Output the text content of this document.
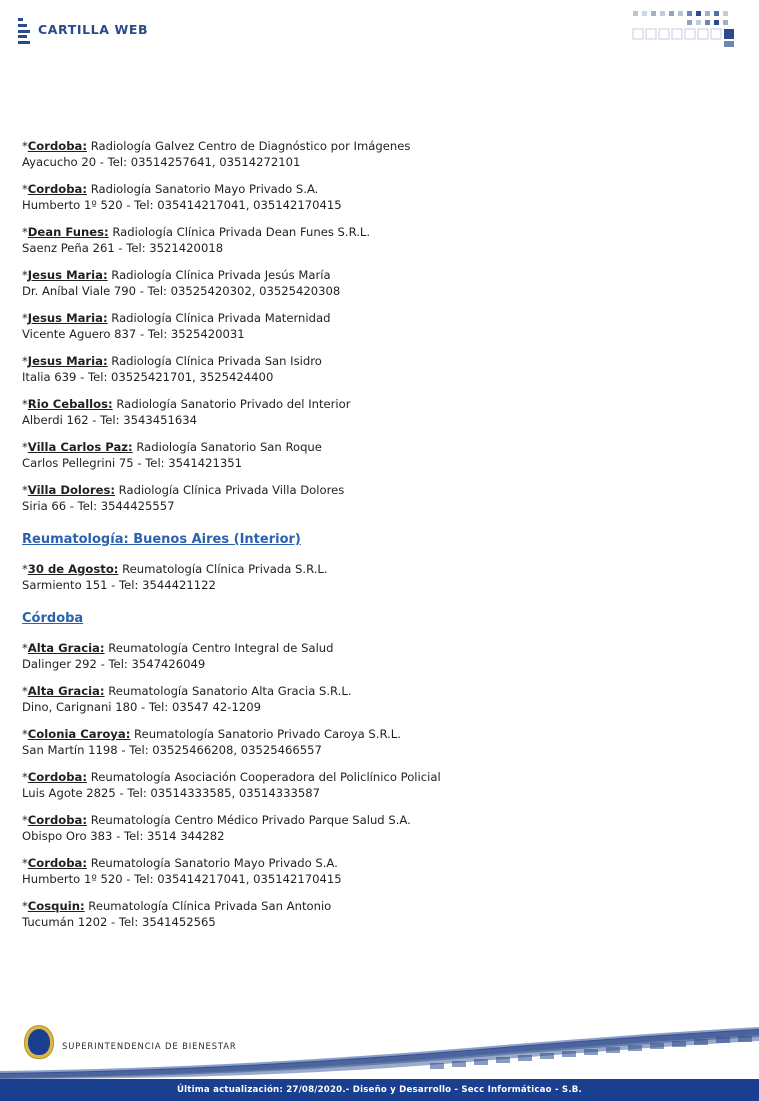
CARTILLA WEB
*Cordoba: Radiología Galvez Centro de Diagnóstico por Imágenes
Ayacucho 20 - Tel: 03514257641, 03514272101
*Cordoba: Radiología Sanatorio Mayo Privado S.A.
Humberto 1º 520 - Tel: 035414217041, 035142170415
*Dean Funes: Radiología Clínica Privada Dean Funes S.R.L.
Saenz Peña 261 - Tel: 3521420018
*Jesus Maria: Radiología Clínica Privada Jesús María
Dr. Aníbal Viale 790 - Tel: 03525420302, 03525420308
*Jesus Maria: Radiología Clínica Privada Maternidad
Vicente Aguero 837 - Tel: 3525420031
*Jesus Maria: Radiología Clínica Privada San Isidro
Italia 639 - Tel: 03525421701, 3525424400
*Rio Ceballos: Radiología Sanatorio Privado del Interior
Alberdi 162 - Tel: 3543451634
*Villa Carlos Paz: Radiología Sanatorio San Roque
Carlos Pellegrini 75 - Tel: 3541421351
*Villa Dolores: Radiología Clínica Privada Villa Dolores
Siria 66 - Tel: 3544425557
Reumatología: Buenos Aires (Interior)
*30 de Agosto: Reumatología Clínica Privada S.R.L.
Sarmiento 151 - Tel: 3544421122
Córdoba
*Alta Gracia: Reumatología Centro Integral de Salud
Dalinger 292 - Tel: 3547426049
*Alta Gracia: Reumatología Sanatorio Alta Gracia S.R.L.
Dino, Carignani 180 - Tel: 03547 42-1209
*Colonia Caroya: Reumatología Sanatorio Privado Caroya S.R.L.
San Martín 1198 - Tel: 03525466208, 03525466557
*Cordoba: Reumatología Asociación Cooperadora del Policlínico Policial
Luis Agote 2825 - Tel: 03514333585, 03514333587
*Cordoba: Reumatología Centro Médico Privado Parque Salud S.A.
Obispo Oro 383 - Tel: 3514 344282
*Cordoba: Reumatología Sanatorio Mayo Privado S.A.
Humberto 1º 520 - Tel: 035414217041, 035142170415
*Cosquin: Reumatología Clínica Privada San Antonio
Tucumán 1202 - Tel: 3541452565
SUPERINTENDENCIA DE BIENESTAR
Última actualización: 27/08/2020.- Diseño y Desarrollo - Secc Informáticao - S.B.
